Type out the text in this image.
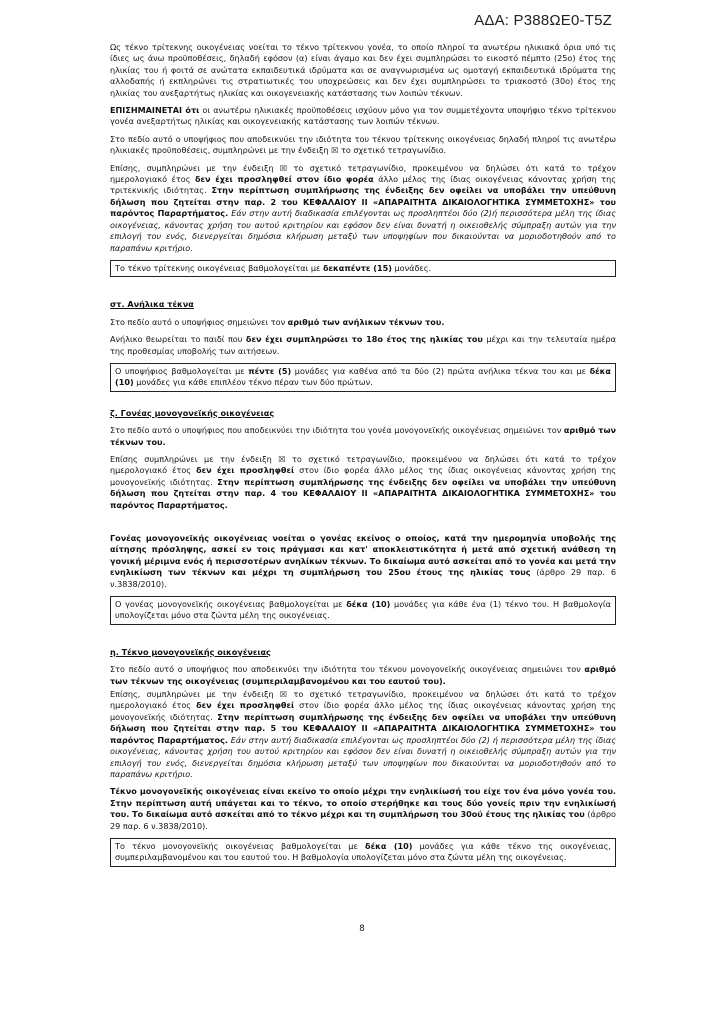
ΑΔΑ: Ρ388ΩΕ0-Τ5Ζ

Ως τέκνο τρίτεκνης οικογένειας νοείται το τέκνο τρίτεκνου γονέα, το οποίο πληροί τα ανωτέρω ηλικιακά όρια υπό τις ίδιες ως άνω προϋποθέσεις, δηλαδή εφόσον (α) είναι άγαμο και δεν έχει συμπληρώσει το εικοστό πέμπτο (25ο) έτος της ηλικίας του ή φοιτά σε ανώτατα εκπαιδευτικά ιδρύματα και σε αναγνωρισμένα ως ομοταγή εκπαιδευτικά ιδρύματα της αλλοδαπής ή εκπληρώνει τις στρατιωτικές του υποχρεώσεις και δεν έχει συμπληρώσει το τριακοστό (30ο) έτος της ηλικίας του ανεξαρτήτως ηλικίας και οικογενειακής κατάστασης των λοιπών τέκνων.

ΕΠΙΣΗΜΑΙΝΕΤΑΙ ότι οι ανωτέρω ηλικιακές προϋποθέσεις ισχύουν μόνο για τον συμμετέχοντα υποψήφιο τέκνο τρίτεκνου γονέα ανεξαρτήτως ηλικίας και οικογενειακής κατάστασης των λοιπών τέκνων.

Στο πεδίο αυτό ο υποψήφιος που αποδεικνύει την ιδιότητα του τέκνου τρίτεκνης οικογένειας δηλαδή πληροί τις ανωτέρω ηλικιακές προϋποθέσεις, συμπληρώνει με την ένδειξη ☒ το σχετικό τετραγωνίδιο.

Επίσης, συμπληρώνει με την ένδειξη ☒ το σχετικό τετραγωνίδιο, προκειμένου να δηλώσει ότι κατά το τρέχον ημερολογιακό έτος δεν έχει προσληφθεί στον ίδιο φορέα άλλο μέλος της ίδιας οικογένειας κάνοντας χρήση της τριτεκνικής ιδιότητας. Στην περίπτωση συμπλήρωσης της ένδειξης δεν οφείλει να υποβάλει την υπεύθυνη δήλωση που ζητείται στην παρ. 2 του ΚΕΦΑΛΑΙΟΥ ΙΙ «ΑΠΑΡΑΙΤΗΤΑ ΔΙΚΑΙΟΛΟΓΗΤΙΚΑ ΣΥΜΜΕΤΟΧΗΣ» του παρόντος Παραρτήματος. Εάν στην αυτή διαδικασία επιλέγονται ως προσληπτέοι δύο (2)ή περισσότερα μέλη της ίδιας οικογένειας, κάνοντας χρήση του αυτού κριτηρίου και εφόσον δεν είναι δυνατή η οικειοθελής σύμπραξη αυτών για την επιλογή του ενός, διενεργείται δημόσια κλήρωση μεταξύ των υποψηφίων που δικαιούνται να μοριοδοτηθούν από το παραπάνω κριτήριο.

Το τέκνο τρίτεκνης οικογένειας βαθμολογείται με δεκαπέντε (15) μονάδες.
στ. Ανήλικα τέκνα

Στο πεδίο αυτό ο υποψήφιος σημειώνει τον αριθμό των ανήλικων τέκνων του.

Ανήλικο θεωρείται το παιδί που δεν έχει συμπληρώσει το 18ο έτος της ηλικίας του μέχρι και την τελευταία ημέρα της προθεσμίας υποβολής των αιτήσεων.

Ο υποψήφιος βαθμολογείται με πέντε (5) μονάδες για καθένα από τα δύο (2) πρώτα ανήλικα τέκνα του και με δέκα (10) μονάδες για κάθε επιπλέον τέκνο πέραν των δύο πρώτων.
ζ. Γονέας μονογονεϊκής οικογένειας

Στο πεδίο αυτό ο υποψήφιος που αποδεικνύει την ιδιότητα του γονέα μονογονεϊκής οικογένειας σημειώνει τον αριθμό των τέκνων του.

Επίσης συμπληρώνει με την ένδειξη ☒ το σχετικό τετραγωνίδιο, προκειμένου να δηλώσει ότι κατά το τρέχον ημερολογιακό έτος δεν έχει προσληφθεί στον ίδιο φορέα άλλο μέλος της ίδιας οικογένειας κάνοντας χρήση της μονογονεϊκής ιδιότητας. Στην περίπτωση συμπλήρωσης της ένδειξης δεν οφείλει να υποβάλει την υπεύθυνη δήλωση που ζητείται στην παρ. 4 του ΚΕΦΑΛΑΙΟΥ ΙΙ «ΑΠΑΡΑΙΤΗΤΑ ΔΙΚΑΙΟΛΟΓΗΤΙΚΑ ΣΥΜΜΕΤΟΧΗΣ» του παρόντος Παραρτήματος.

Γονέας μονογονεϊκής οικογένειας νοείται ο γονέας εκείνος ο οποίος, κατά την ημερομηνία υποβολής της αίτησης πρόσληψης, ασκεί εν τοις πράγμασι και κατ' αποκλειστικότητα ή μετά από σχετική ανάθεση τη γονική μέριμνα ενός ή περισσοτέρων ανηλίκων τέκνων. Το δικαίωμα αυτό ασκείται από το γονέα και μετά την ενηλικίωση των τέκνων και μέχρι τη συμπλήρωση του 25ου έτους της ηλικίας τους (άρθρο 29 παρ. 6 ν.3838/2010).

Ο γονέας μονογονεϊκής οικογένειας βαθμολογείται με δέκα (10) μονάδες για κάθε ένα (1) τέκνο του. Η βαθμολογία υπολογίζεται μόνο στα ζώντα μέλη της οικογένειας.
η. Τέκνο μονογονεϊκής οικογένειας

Στο πεδίο αυτό ο υποψήφιος που αποδεικνύει την ιδιότητα του τέκνου μονογονεϊκής οικογένειας σημειώνει τον αριθμό των τέκνων της οικογένειας (συμπεριλαμβανομένου και του εαυτού του).

Επίσης, συμπληρώνει με την ένδειξη ☒ το σχετικό τετραγωνίδιο, προκειμένου να δηλώσει ότι κατά το τρέχον ημερολογιακό έτος δεν έχει προσληφθεί στον ίδιο φορέα άλλο μέλος της ίδιας οικογένειας κάνοντας χρήση της μονογονεϊκής ιδιότητας. Στην περίπτωση συμπλήρωσης της ένδειξης δεν οφείλει να υποβάλει την υπεύθυνη δήλωση που ζητείται στην παρ. 5 του ΚΕΦΑΛΑΙΟΥ ΙΙ «ΑΠΑΡΑΙΤΗΤΑ ΔΙΚΑΙΟΛΟΓΗΤΙΚΑ ΣΥΜΜΕΤΟΧΗΣ» του παρόντος Παραρτήματος. Εάν στην αυτή διαδικασία επιλέγονται ως προσληπτέοι δύο (2) ή περισσότερα μέλη της ίδιας οικογένειας, κάνοντας χρήση του αυτού κριτηρίου και εφόσον δεν είναι δυνατή η οικειοθελής σύμπραξη αυτών για την επιλογή του ενός, διενεργείται δημόσια κλήρωση μεταξύ των υποψηφίων που δικαιούνται να μοριοδοτηθούν από το παραπάνω κριτήριο.

Τέκνο μονογονεϊκής οικογένειας είναι εκείνο το οποίο μέχρι την ενηλικίωσή του είχε τον ένα μόνο γονέα του. Στην περίπτωση αυτή υπάγεται και το τέκνο, το οποίο στερήθηκε και τους δύο γονείς πριν την ενηλικίωσή του. Το δικαίωμα αυτό ασκείται από το τέκνο μέχρι και τη συμπλήρωση του 30ού έτους της ηλικίας του (άρθρο 29 παρ. 6 ν.3838/2010).

Το τέκνο μονογονεϊκής οικογένειας βαθμολογείται με δέκα (10) μονάδες για κάθε τέκνο της οικογένειας, συμπεριλαμβανομένου και του εαυτού του. Η βαθμολογία υπολογίζεται μόνο στα ζώντα μέλη της οικογένειας.
8
